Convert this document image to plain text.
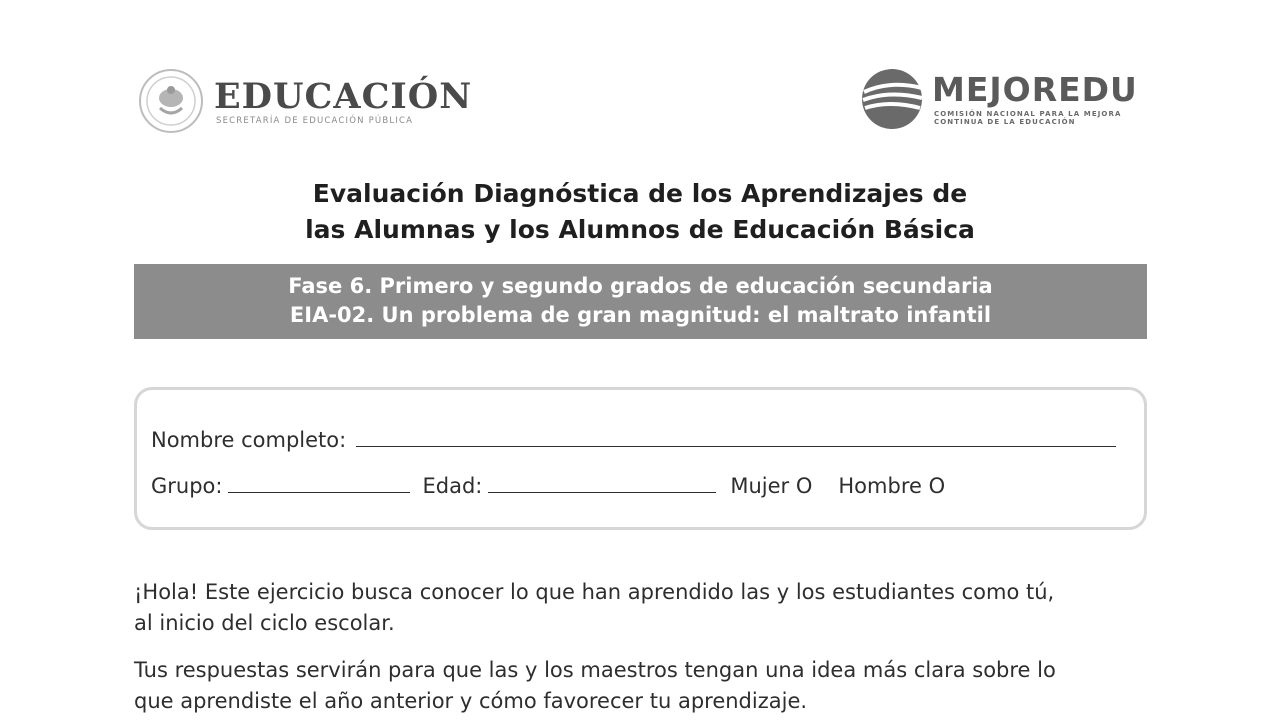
EDUCACIÓN
SECRETARÍA DE EDUCACIÓN PÚBLICA
MEJOREDU
COMISIÓN NACIONAL PARA LA MEJORA
CONTINUA DE LA EDUCACIÓN
Evaluación Diagnóstica de los Aprendizajes de
las Alumnas y los Alumnos de Educación Básica
Fase 6. Primero y segundo grados de educación secundaria
EIA-02. Un problema de gran magnitud: el maltrato infantil
Nombre completo:
Grupo:	Edad:	Mujer O Hombre O
¡Hola! Este ejercicio busca conocer lo que han aprendido las y los estudiantes como tú,
al inicio del ciclo escolar.
Tus respuestas servirán para que las y los maestros tengan una idea más clara sobre lo
que aprendiste el año anterior y cómo favorecer tu aprendizaje.
